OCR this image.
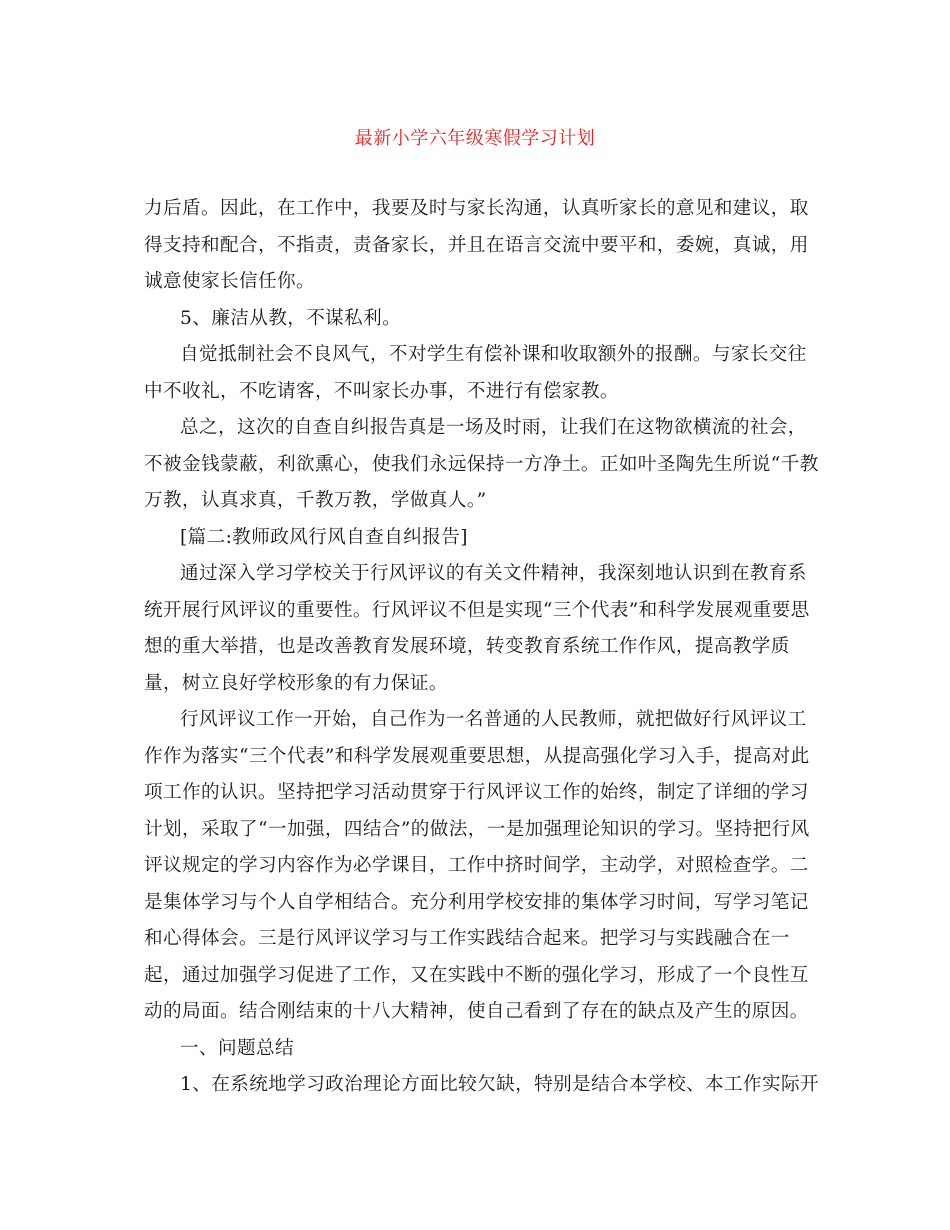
最新小学六年级寒假学习计划
力后盾。因此，在工作中，我要及时与家长沟通，认真听家长的意见和建议，取
得支持和配合，不指责，责备家长，并且在语言交流中要平和，委婉，真诚，用
诚意使家长信任你。
5、廉洁从教，不谋私利。
自觉抵制社会不良风气，不对学生有偿补课和收取额外的报酬。与家长交往
中不收礼，不吃请客，不叫家长办事，不进行有偿家教。
总之，这次的自查自纠报告真是一场及时雨，让我们在这物欲横流的社会，
不被金钱蒙蔽，利欲熏心，使我们永远保持一方净土。正如叶圣陶先生所说“千教
万教，认真求真，千教万教，学做真人。”
[篇二:教师政风行风自查自纠报告]
通过深入学习学校关于行风评议的有关文件精神，我深刻地认识到在教育系
统开展行风评议的重要性。行风评议不但是实现“三个代表”和科学发展观重要思
想的重大举措，也是改善教育发展环境，转变教育系统工作作风，提高教学质
量，树立良好学校形象的有力保证。
行风评议工作一开始，自己作为一名普通的人民教师，就把做好行风评议工
作作为落实“三个代表”和科学发展观重要思想，从提高强化学习入手，提高对此
项工作的认识。坚持把学习活动贯穿于行风评议工作的始终，制定了详细的学习
计划，采取了“一加强，四结合”的做法，一是加强理论知识的学习。坚持把行风
评议规定的学习内容作为必学课目，工作中挤时间学，主动学，对照检查学。二
是集体学习与个人自学相结合。充分利用学校安排的集体学习时间，写学习笔记
和心得体会。三是行风评议学习与工作实践结合起来。把学习与实践融合在一
起，通过加强学习促进了工作，又在实践中不断的强化学习，形成了一个良性互
动的局面。结合刚结束的十八大精神，使自己看到了存在的缺点及产生的原因。
一、问题总结
1、在系统地学习政治理论方面比较欠缺，特别是结合本学校、本工作实际开
